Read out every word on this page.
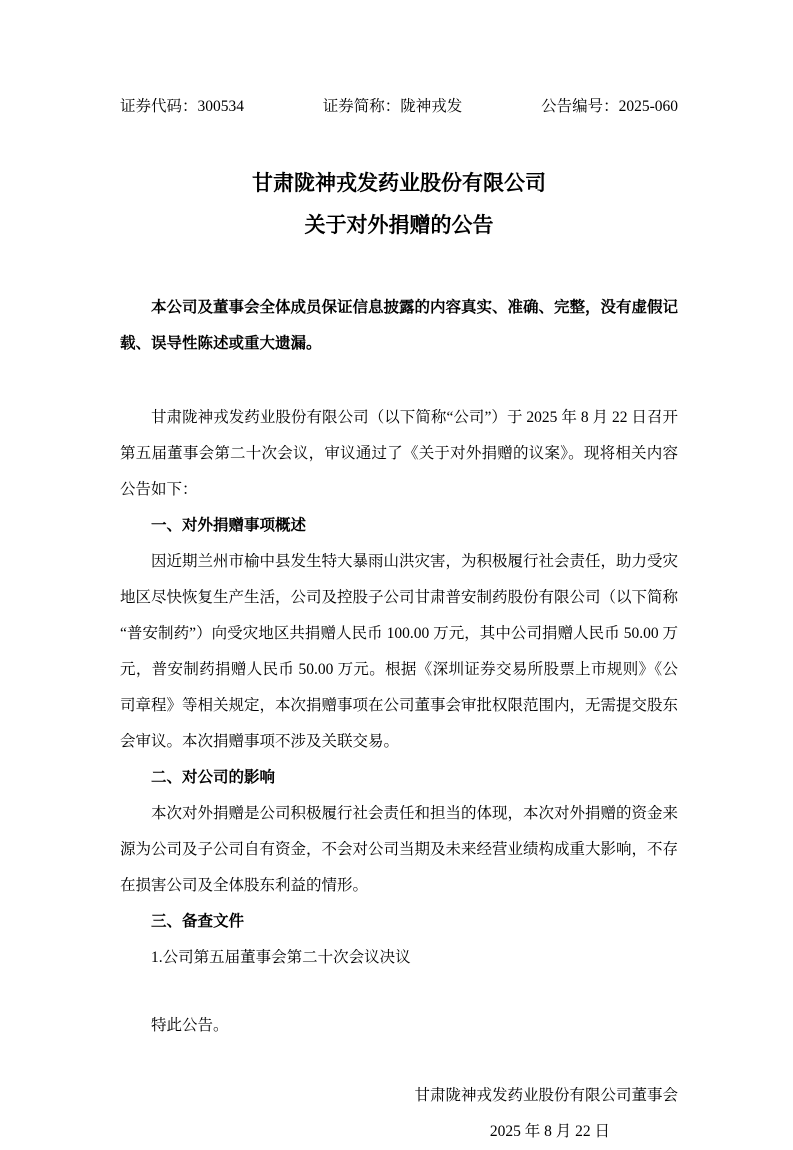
证券代码：300534	证券简称：陇神戎发	公告编号：2025-060
甘肃陇神戎发药业股份有限公司
关于对外捐赠的公告

本公司及董事会全体成员保证信息披露的内容真实、准确、完整，没有虚假记载、误导性陈述或重大遗漏。

甘肃陇神戎发药业股份有限公司（以下简称“公司”）于 2025 年 8 月 22 日召开第五届董事会第二十次会议，审议通过了《关于对外捐赠的议案》。现将相关内容公告如下：

一、对外捐赠事项概述

因近期兰州市榆中县发生特大暴雨山洪灾害，为积极履行社会责任，助力受灾地区尽快恢复生产生活，公司及控股子公司甘肃普安制药股份有限公司（以下简称“普安制药”）向受灾地区共捐赠人民币 100.00 万元，其中公司捐赠人民币 50.00 万元，普安制药捐赠人民币 50.00 万元。根据《深圳证券交易所股票上市规则》《公司章程》等相关规定，本次捐赠事项在公司董事会审批权限范围内，无需提交股东会审议。本次捐赠事项不涉及关联交易。

二、对公司的影响

本次对外捐赠是公司积极履行社会责任和担当的体现，本次对外捐赠的资金来源为公司及子公司自有资金，不会对公司当期及未来经营业绩构成重大影响，不存在损害公司及全体股东利益的情形。

三、备查文件

1.公司第五届董事会第二十次会议决议

特此公告。

甘肃陇神戎发药业股份有限公司董事会
2025 年 8 月 22 日
